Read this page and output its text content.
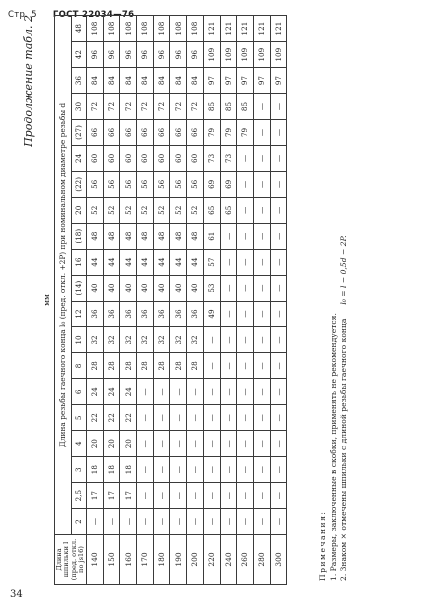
Стр. 5 ГОСТ 22034—76
Продолжение табл. 2
мм
Длина шпильки l (пред. откл. по js16)	Длина резьбы гаечного конца l₀ (пред. откл. +2P) при номинальном диаметре резьбы d																			
	2	2,5	3	4	5	6	8	10	12	(14)	16	(18)	20	(22)	24	(27)	30	36	42	48
140	—	17	18	20	22	24	28	32	36	40	44	48	52	56	60	66	72	84	96	108
150	—	17	18	20	22	24	28	32	36	40	44	48	52	56	60	66	72	84	96	108
160	—	17	18	20	22	24	28	32	36	40	44	48	52	56	60	66	72	84	96	108
170	—	—	—	—	—	—	28	32	36	40	44	48	52	56	60	66	72	84	96	108
180	—	—	—	—	—	—	28	32	36	40	44	48	52	56	60	66	72	84	96	108
190	—	—	—	—	—	—	28	32	36	40	44	48	52	56	60	66	72	84	96	108
200	—	—	—	—	—	—	28	32	36	40	44	48	52	56	60	66	72	84	96	108
220	—	—	—	—	—	—	—	—	49	53	57	61	65	69	73	79	85	97	109	121
240	—	—	—	—	—	—	—	—	—	—	—	—	65	69	73	79	85	97	109	121
260	—	—	—	—	—	—	—	—	—	—	—	—	—	—	—	79	85	97	109	121
280	—	—	—	—	—	—	—	—	—	—	—	—	—	—	—	—	—	97	109	121
300	—	—	—	—	—	—	—	—	—	—	—	—	—	—	—	—	—	97	109	121
Примечания: 1. Размеры, заключенные в скобки, применять не рекомендуется. 2. Знаком × отмечены шпильки с длиной резьбы гаечного концаl₀ = l − 0,5d − 2P.
34
